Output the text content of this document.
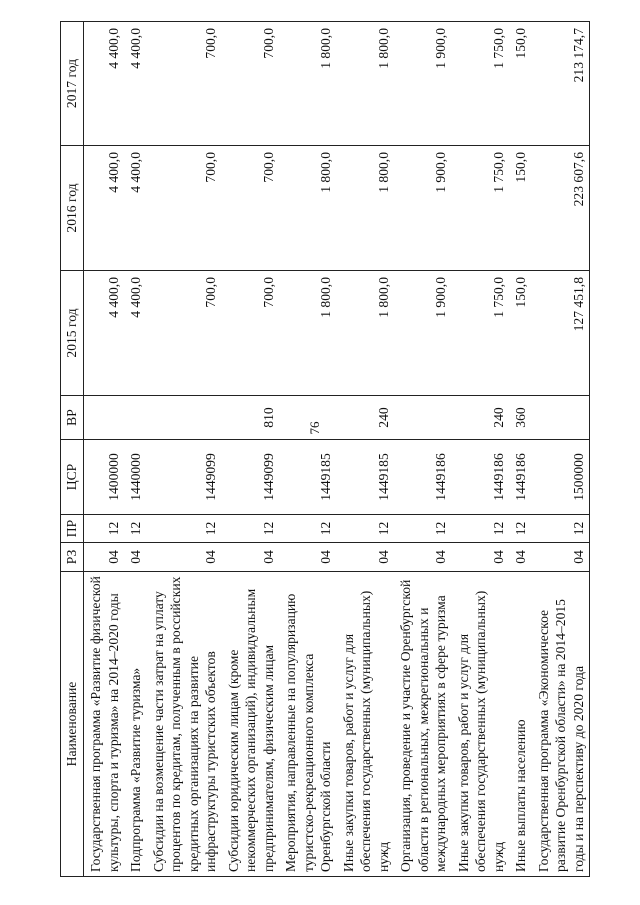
76
Наименование	РЗ	ПР	ЦСР	ВР	2015 год	2016 год	2017 год
Государственная программа «Развитие физической культуры, спорта и туризма» на 2014–2020 годы	04	12	1400000		4 400,0	4 400,0	4 400,0
Подпрограмма «Развитие туризма»	04	12	1440000		4 400,0	4 400,0	4 400,0
Субсидии на возмещение части затрат на уплату процентов по кредитам, полученным в российских кредитных организациях на развитие инфраструктуры туристских объектов	04	12	1449099		700,0	700,0	700,0
Субсидии юридическим лицам (кроме некоммерческих организаций), индивидуальным предпринимателям, физическим лицам	04	12	1449099	810	700,0	700,0	700,0
Мероприятия, направленные на популяризацию туристско-рекреационного комплекса Оренбургской области	04	12	1449185		1 800,0	1 800,0	1 800,0
Иные закупки товаров, работ и услуг для обеспечения государственных (муниципальных) нужд	04	12	1449185	240	1 800,0	1 800,0	1 800,0
Организация, проведение и участие Оренбургской области в региональных, межрегиональных и международных мероприятиях в сфере туризма	04	12	1449186		1 900,0	1 900,0	1 900,0
Иные закупки товаров, работ и услуг для обеспечения государственных (муниципальных) нужд	04	12	1449186	240	1 750,0	1 750,0	1 750,0
Иные выплаты населению	04	12	1449186	360	150,0	150,0	150,0
Государственная программа «Экономическое развитие Оренбургской области» на 2014–2015 годы и на перспективу до 2020 года	04	12	1500000		127 451,8	223 607,6	213 174,7
